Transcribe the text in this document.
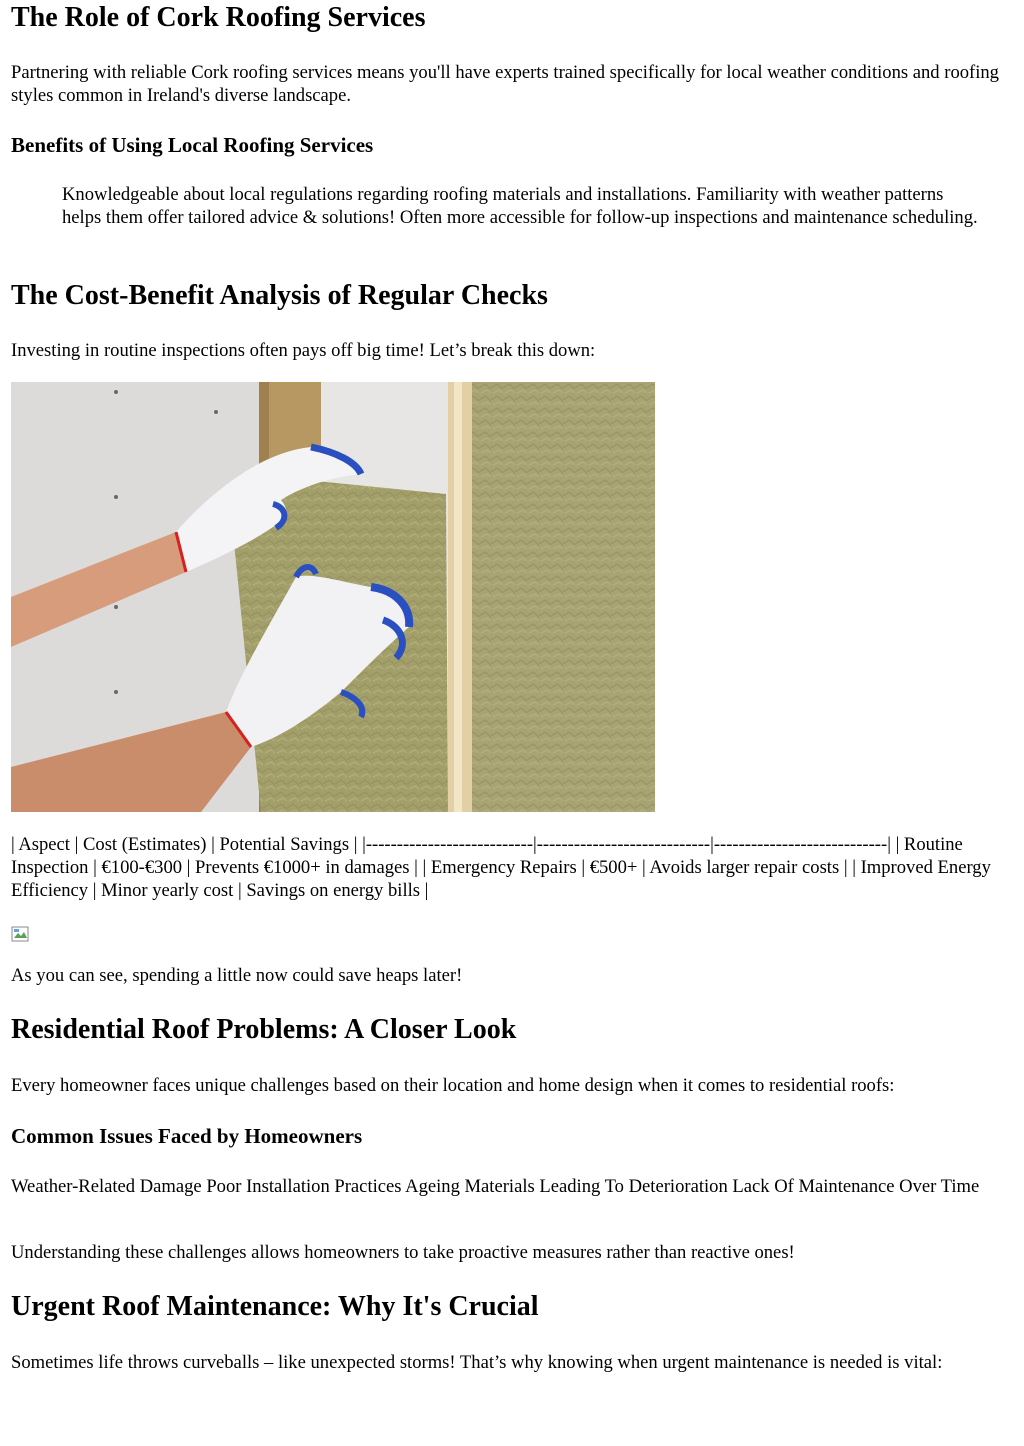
The Role of Cork Roofing Services

Partnering with reliable Cork roofing services means you'll have experts trained specifically for local weather conditions and roofing styles common in Ireland's diverse landscape.

Benefits of Using Local Roofing Services

Knowledgeable about local regulations regarding roofing materials and installations. Familiarity with weather patterns helps them offer tailored advice & solutions! Often more accessible for follow-up inspections and maintenance scheduling.

The Cost-Benefit Analysis of Regular Checks

Investing in routine inspections often pays off big time! Let’s break this down:

| Aspect | Cost (Estimates) | Potential Savings | |---------------------------|----------------------------|----------------------------| | Routine Inspection | €100-€300 | Prevents €1000+ in damages | | Emergency Repairs | €500+ | Avoids larger repair costs | | Improved Energy Efficiency | Minor yearly cost | Savings on energy bills |

As you can see, spending a little now could save heaps later!

Residential Roof Problems: A Closer Look

Every homeowner faces unique challenges based on their location and home design when it comes to residential roofs:

Common Issues Faced by Homeowners

Weather-Related Damage Poor Installation Practices Ageing Materials Leading To Deterioration Lack Of Maintenance Over Time

Understanding these challenges allows homeowners to take proactive measures rather than reactive ones!

Urgent Roof Maintenance: Why It's Crucial

Sometimes life throws curveballs – like unexpected storms! That’s why knowing when urgent maintenance is needed is vital:
